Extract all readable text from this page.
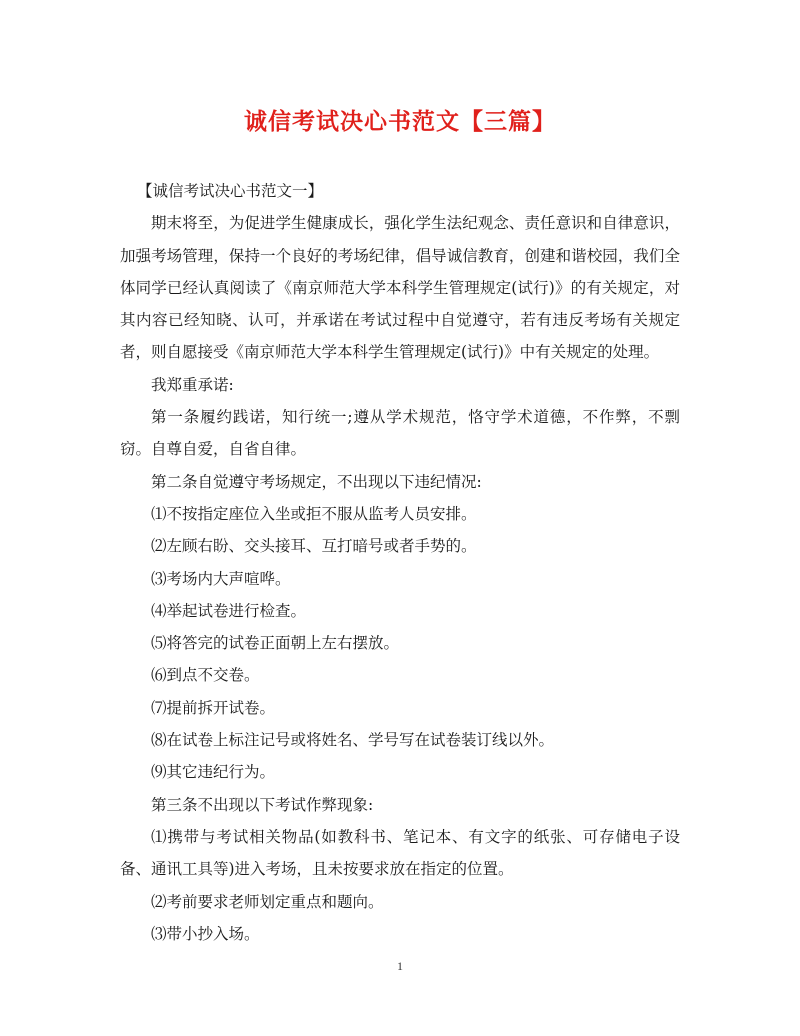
诚信考试决心书范文【三篇】

【诚信考试决心书范文一】

期末将至，为促进学生健康成长，强化学生法纪观念、责任意识和自律意识，加强考场管理，保持一个良好的考场纪律，倡导诚信教育，创建和谐校园，我们全体同学已经认真阅读了《南京师范大学本科学生管理规定(试行)》的有关规定，对其内容已经知晓、认可，并承诺在考试过程中自觉遵守，若有违反考场有关规定者，则自愿接受《南京师范大学本科学生管理规定(试行)》中有关规定的处理。

我郑重承诺:

第一条履约践诺，知行统一;遵从学术规范，恪守学术道德，不作弊，不剽窃。自尊自爱，自省自律。

第二条自觉遵守考场规定，不出现以下违纪情况:

⑴不按指定座位入坐或拒不服从监考人员安排。

⑵左顾右盼、交头接耳、互打暗号或者手势的。

⑶考场内大声喧哗。

⑷举起试卷进行检查。

⑸将答完的试卷正面朝上左右摆放。

⑹到点不交卷。

⑺提前拆开试卷。

⑻在试卷上标注记号或将姓名、学号写在试卷装订线以外。

⑼其它违纪行为。

第三条不出现以下考试作弊现象:

⑴携带与考试相关物品(如教科书、笔记本、有文字的纸张、可存储电子设备、通讯工具等)进入考场，且未按要求放在指定的位置。

⑵考前要求老师划定重点和题向。

⑶带小抄入场。

1
